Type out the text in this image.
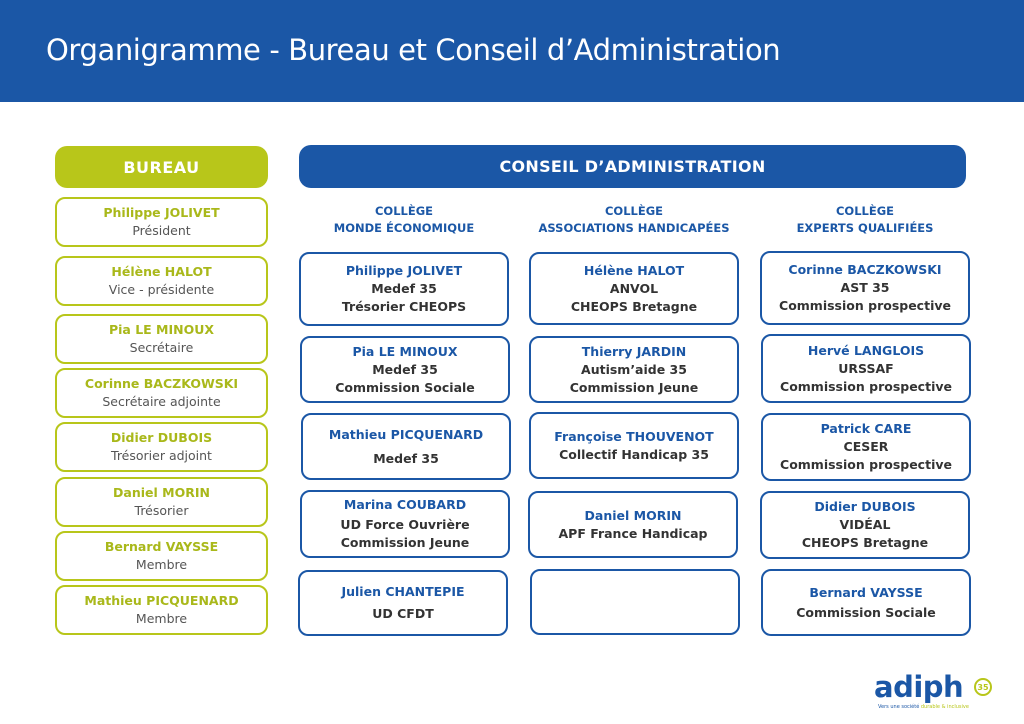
Organigramme - Bureau et Conseil d’Administration
BUREAU
Philippe JOLIVET
Président
Hélène HALOT
Vice - présidente
Pia LE MINOUX
Secrétaire
Corinne BACZKOWSKI
Secrétaire adjointe
Didier DUBOIS
Trésorier adjoint
Daniel MORIN
Trésorier
Bernard VAYSSE
Membre
Mathieu PICQUENARD
Membre
CONSEIL D’ADMINISTRATION
COLLÈGE
MONDE ÉCONOMIQUE
COLLÈGE
ASSOCIATIONS HANDICAPÉES
COLLÈGE
EXPERTS QUALIFIÉES
Philippe JOLIVET
Medef 35
Trésorier CHEOPS
Pia LE MINOUX
Medef 35
Commission Sociale
Mathieu PICQUENARD
Medef 35
Marina COUBARD
UD Force Ouvrière
Commission Jeune
Julien CHANTEPIE
UD CFDT
Hélène HALOT
ANVOL
CHEOPS Bretagne
Thierry JARDIN
Autism’aide 35
Commission Jeune
Françoise THOUVENOT
Collectif Handicap 35
Daniel MORIN
APF France Handicap
Corinne BACZKOWSKI
AST 35
Commission prospective
Hervé LANGLOIS
URSSAF
Commission prospective
Patrick CARE
CESER
Commission prospective
Didier DUBOIS
VIDÉAL
CHEOPS Bretagne
Bernard VAYSSE
Commission Sociale
adiph	35
Vers une société durable & inclusive
